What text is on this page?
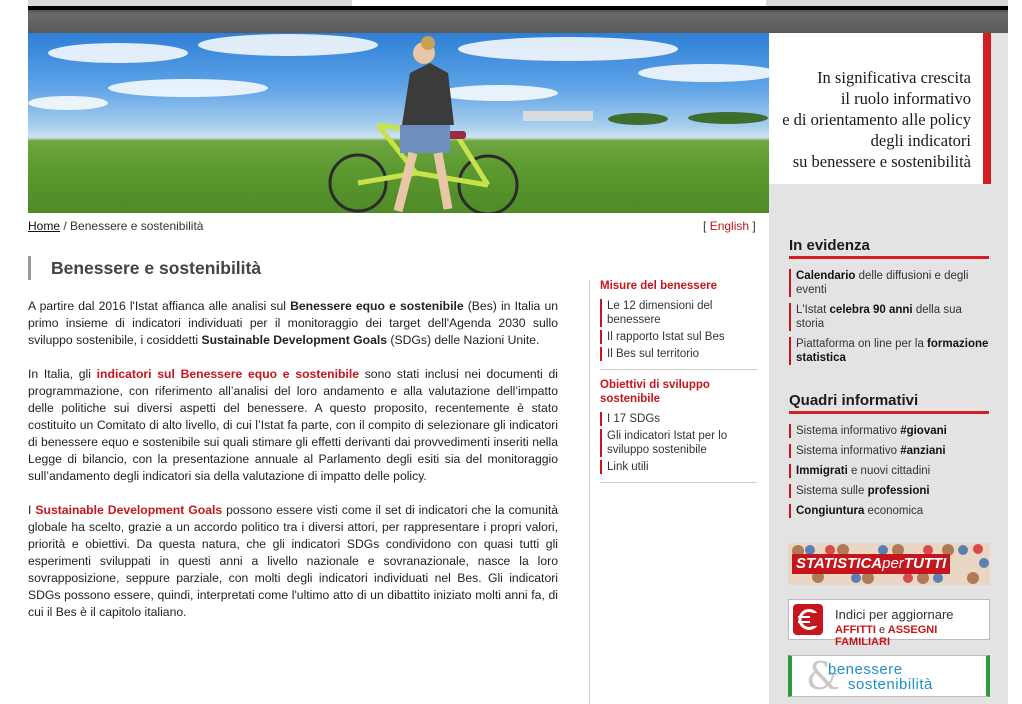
In significativa crescita
il ruolo informativo
e di orientamento alle policy
degli indicatori
su benessere e sostenibilità
Home / Benessere e sostenibilità	[ English ]
Benessere e sostenibilità

A partire dal 2016 l'Istat affianca alle analisi sul Benessere equo e sostenibile (Bes) in Italia un primo insieme di indicatori individuati per il monitoraggio dei target dell'Agenda 2030 sullo sviluppo sostenibile, i cosiddetti Sustainable Development Goals (SDGs) delle Nazioni Unite.

In Italia, gli indicatori sul Benessere equo e sostenibile sono stati inclusi nei documenti di programmazione, con riferimento all’analisi del loro andamento e alla valutazione dell’impatto delle politiche sui diversi aspetti del benessere. A questo proposito, recentemente è stato costituito un Comitato di alto livello, di cui l’Istat fa parte, con il compito di selezionare gli indicatori di benessere equo e sostenibile sui quali stimare gli effetti derivanti dai provvedimenti inseriti nella Legge di bilancio, con la presentazione annuale al Parlamento degli esiti sia del monitoraggio sull’andamento degli indicatori sia della valutazione di impatto delle policy.

I Sustainable Development Goals possono essere visti come il set di indicatori che la comunità globale ha scelto, grazie a un accordo politico tra i diversi attori, per rappresentare i propri valori, priorità e obiettivi. Da questa natura, che gli indicatori SDGs condividono con quasi tutti gli esperimenti sviluppati in questi anni a livello nazionale e sovranazionale, nasce la loro sovrapposizione, seppure parziale, con molti degli indicatori individuati nel Bes. Gli indicatori SDGs possono essere, quindi, interpretati come l'ultimo atto di un dibattito iniziato molti anni fa, di cui il Bes è il capitolo italiano.

Misure del benessere
Le 12 dimensioni del benessere
Il rapporto Istat sul Bes
Il Bes sul territorio
Obiettivi di sviluppo sostenibile
I 17 SDGs
Gli indicatori Istat per lo sviluppo sostenibile
Link utili
In evidenza
Calendario delle diffusioni e degli eventi
L'Istat celebra 90 anni della sua storia
Piattaforma on line per la formazione statistica
Quadri informativi
Sistema informativo #giovani
Sistema informativo #anziani
Immigrati e nuovi cittadini
Sistema sulle professioni
Congiuntura economica
STATISTICAperTUTTI
Indici per aggiornare
AFFITTI e ASSEGNI FAMILIARI
&
benessere
sostenibilità
